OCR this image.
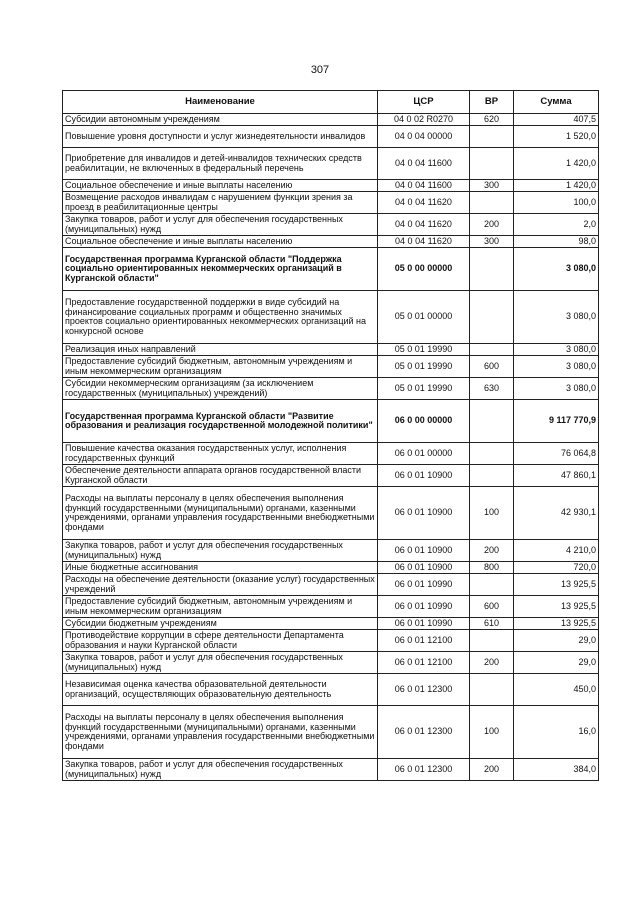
307
Наименование	ЦСР	ВР	Сумма
Субсидии автономным учреждениям	04 0 02 R0270	620	407,5
Повышение уровня доступности и услуг жизнедеятельности инвалидов	04 0 04 00000		1 520,0
Приобретение для инвалидов и детей-инвалидов технических средств реабилитации, не включенных в федеральный перечень	04 0 04 11600		1 420,0
Социальное обеспечение и иные выплаты населению	04 0 04 11600	300	1 420,0
Возмещение расходов инвалидам с нарушением функции зрения за проезд в реабилитационные центры	04 0 04 11620		100,0
Закупка товаров, работ и услуг для обеспечения государственных (муниципальных) нужд	04 0 04 11620	200	2,0
Социальное обеспечение и иные выплаты населению	04 0 04 11620	300	98,0
Государственная программа Курганской области "Поддержка социально ориентированных некоммерческих организаций в Курганской области"	05 0 00 00000		3 080,0
Предоставление государственной поддержки в виде субсидий на финансирование социальных программ и общественно значимых проектов социально ориентированных некоммерческих организаций на конкурсной основе	05 0 01 00000		3 080,0
Реализация иных направлений	05 0 01 19990		3 080,0
Предоставление субсидий бюджетным, автономным учреждениям и иным некоммерческим организациям	05 0 01 19990	600	3 080,0
Субсидии некоммерческим организациям (за исключением государственных (муниципальных) учреждений)	05 0 01 19990	630	3 080,0
Государственная программа Курганской области "Развитие образования и реализация государственной молодежной политики"	06 0 00 00000		9 117 770,9
Повышение качества оказания государственных услуг, исполнения государственных функций	06 0 01 00000		76 064,8
Обеспечение деятельности аппарата органов государственной власти Курганской области	06 0 01 10900		47 860,1
Расходы на выплаты персоналу в целях обеспечения выполнения функций государственными (муниципальными) органами, казенными учреждениями, органами управления государственными внебюджетными фондами	06 0 01 10900	100	42 930,1
Закупка товаров, работ и услуг для обеспечения государственных (муниципальных) нужд	06 0 01 10900	200	4 210,0
Иные бюджетные ассигнования	06 0 01 10900	800	720,0
Расходы на обеспечение деятельности (оказание услуг) государственных учреждений	06 0 01 10990		13 925,5
Предоставление субсидий бюджетным, автономным учреждениям и иным некоммерческим организациям	06 0 01 10990	600	13 925,5
Субсидии бюджетным учреждениям	06 0 01 10990	610	13 925,5
Противодействие коррупции в сфере деятельности Департамента образования и науки Курганской области	06 0 01 12100		29,0
Закупка товаров, работ и услуг для обеспечения государственных (муниципальных) нужд	06 0 01 12100	200	29,0
Независимая оценка качества образовательной деятельности организаций, осуществляющих образовательную деятельность	06 0 01 12300		450,0
Расходы на выплаты персоналу в целях обеспечения выполнения функций государственными (муниципальными) органами, казенными учреждениями, органами управления государственными внебюджетными фондами	06 0 01 12300	100	16,0
Закупка товаров, работ и услуг для обеспечения государственных (муниципальных) нужд	06 0 01 12300	200	384,0
